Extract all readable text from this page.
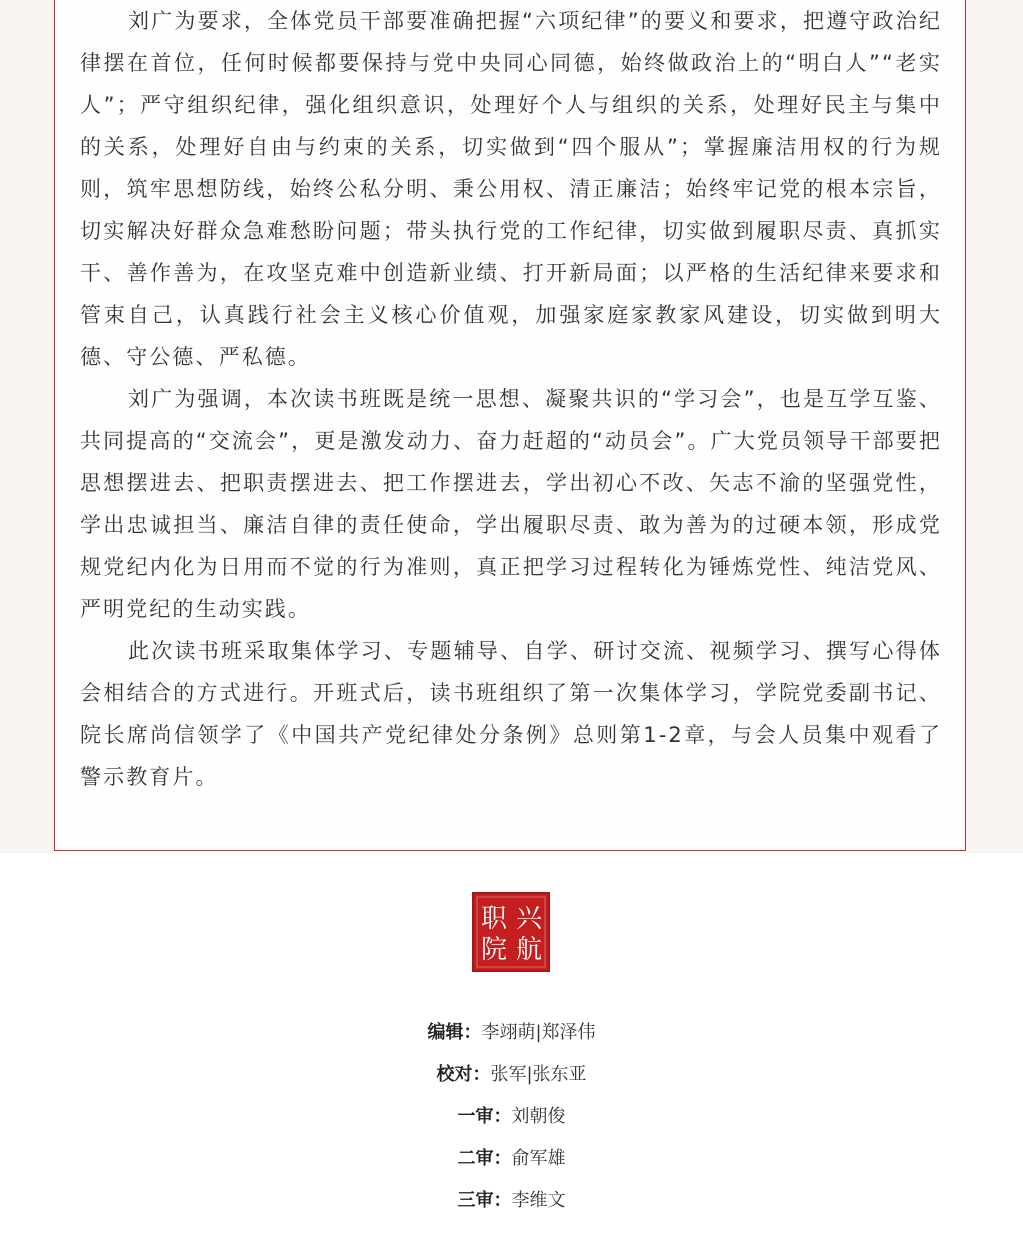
刘广为要求，全体党员干部要准确把握“六项纪律”的要义和要求，把遵守政治纪律摆在首位，任何时候都要保持与党中央同心同德，始终做政治上的“明白人”“老实人”；严守组织纪律，强化组织意识，处理好个人与组织的关系，处理好民主与集中的关系，处理好自由与约束的关系，切实做到“四个服从”；掌握廉洁用权的行为规则，筑牢思想防线，始终公私分明、秉公用权、清正廉洁；始终牢记党的根本宗旨，切实解决好群众急难愁盼问题；带头执行党的工作纪律，切实做到履职尽责、真抓实干、善作善为，在攻坚克难中创造新业绩、打开新局面；以严格的生活纪律来要求和管束自己，认真践行社会主义核心价值观，加强家庭家教家风建设，切实做到明大德、守公德、严私德。

刘广为强调，本次读书班既是统一思想、凝聚共识的“学习会”，也是互学互鉴、共同提高的“交流会”，更是激发动力、奋力赶超的“动员会”。广大党员领导干部要把思想摆进去、把职责摆进去、把工作摆进去，学出初心不改、矢志不渝的坚强党性，学出忠诚担当、廉洁自律的责任使命，学出履职尽责、敢为善为的过硬本领，形成党规党纪内化为日用而不觉的行为准则，真正把学习过程转化为锤炼党性、纯洁党风、严明党纪的生动实践。

此次读书班采取集体学习、专题辅导、自学、研讨交流、视频学习、撰写心得体会相结合的方式进行。开班式后，读书班组织了第一次集体学习，学院党委副书记、院长席尚信领学了《中国共产党纪律处分条例》总则第1-2章，与会人员集中观看了警示教育片。

兴
航
职
院
编辑：李翊萌|郑泽伟
校对：张军|张东亚
一审：刘朝俊
二审：俞军雄
三审：李维文
